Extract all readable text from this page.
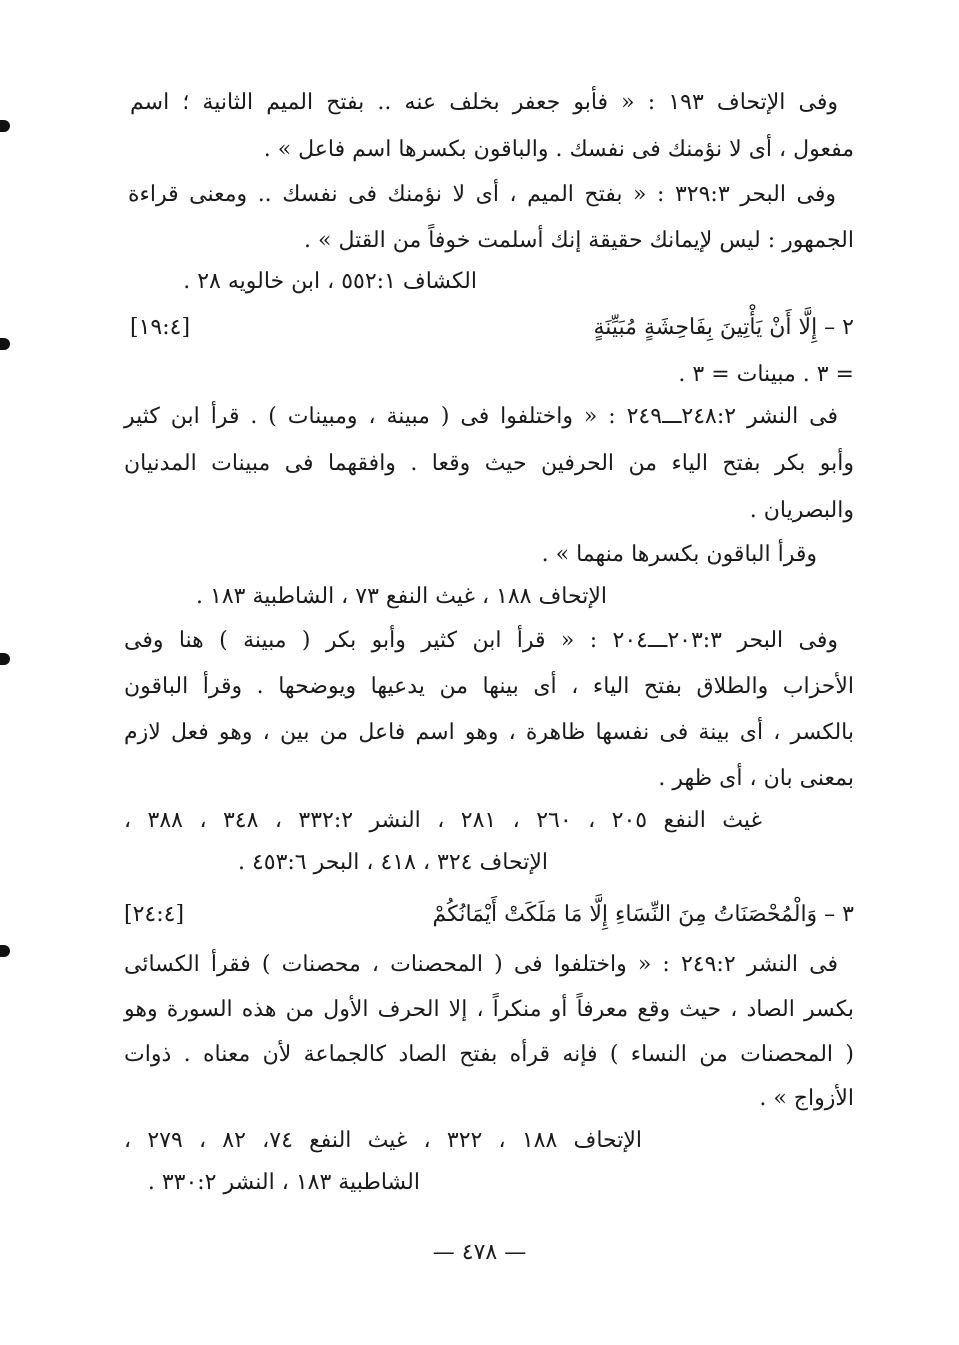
وفى الإتحاف ١٩٣ : « فأبو جعفر بخلف عنه .. بفتح الميم الثانية ؛ اسم
مفعول ، أى لا نؤمنك فى نفسك . والباقون بكسرها اسم فاعل » .
وفى البحر ٣٢٩:٣ : « بفتح الميم ، أى لا نؤمنك فى نفسك .. ومعنى قراءة
الجمهور : ليس لإيمانك حقيقة إنك أسلمت خوفاً من القتل » .
الكشاف ٥٥٢:١ ، ابن خالويه ٢٨ .
٢ – إِلَّا أَنْ يَأْتِينَ بِفَاحِشَةٍ مُبَيِّنَةٍ
[١٩:٤]
= ٣ . مبينات = ٣ .
فى النشر ٢٤٨:٢ـــ٢٤٩ : « واختلفوا فى ( مبينة ، ومبينات ) . قرأ ابن كثير
وأبو بكر بفتح الياء من الحرفين حيث وقعا . وافقهما فى مبينات المدنيان
والبصريان .
وقرأ الباقون بكسرها منهما » .
الإتحاف ١٨٨ ، غيث النفع ٧٣ ، الشاطبية ١٨٣ .
وفى البحر ٢٠٣:٣ـــ٢٠٤ : « قرأ ابن كثير وأبو بكر ( مبينة ) هنا وفى
الأحزاب والطلاق بفتح الياء ، أى بينها من يدعيها ويوضحها . وقرأ الباقون
بالكسر ، أى بينة فى نفسها ظاهرة ، وهو اسم فاعل من بين ، وهو فعل لازم
بمعنى بان ، أى ظهر .
غيث النفع ٢٠٥ ، ٢٦٠ ، ٢٨١ ، النشر ٣٣٢:٢ ، ٣٤٨ ، ٣٨٨ ،
الإتحاف ٣٢٤ ، ٤١٨ ، البحر ٤٥٣:٦ .
٣ – وَالْمُحْصَنَاتُ مِنَ النِّسَاءِ إِلَّا مَا مَلَكَتْ أَيْمَانُكُمْ
[٢٤:٤]
فى النشر ٢٤٩:٢ : « واختلفوا فى ( المحصنات ، محصنات ) فقرأ الكسائى
بكسر الصاد ، حيث وقع معرفاً أو منكراً ، إلا الحرف الأول من هذه السورة وهو
( المحصنات من النساء ) فإنه قرأه بفتح الصاد كالجماعة لأن معناه . ذوات
الأزواج » .
الإتحاف ١٨٨ ، ٣٢٢ ، غيث النفع ٧٤، ٨٢ ، ٢٧٩ ،
الشاطبية ١٨٣ ، النشر ٣٣٠:٢ .
— ٤٧٨ —
